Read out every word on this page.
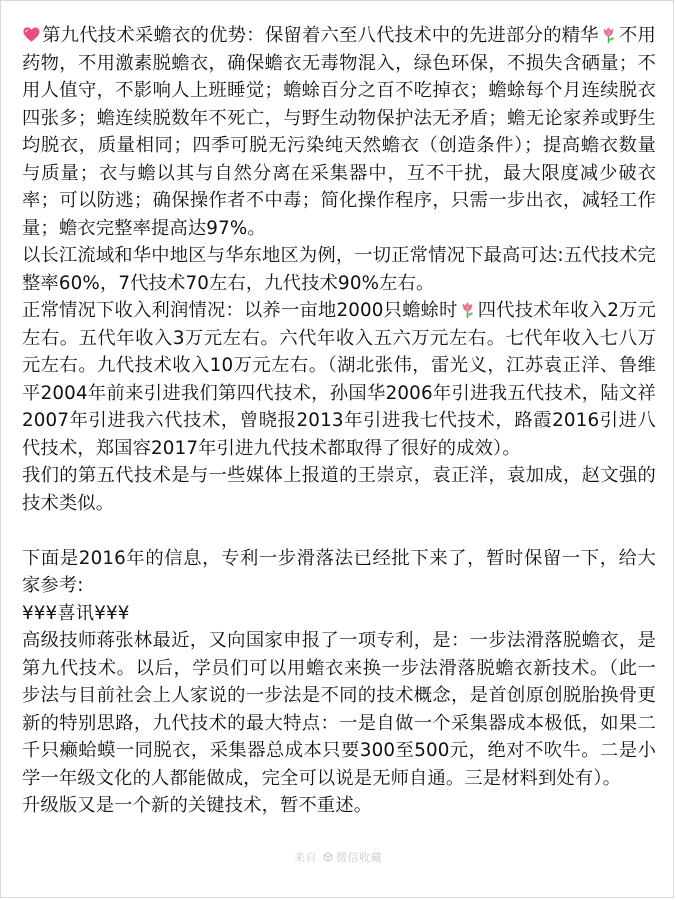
第九代技术采蟾衣的优势：保留着六至八代技术中的先进部分的精华 不用药物，不用激素脱蟾衣，确保蟾衣无毒物混入，绿色环保，不损失含硒量；不用人值守，不影响人上班睡觉；蟾蜍百分之百不吃掉衣；蟾蜍每个月连续脱衣四张多；蟾连续脱数年不死亡，与野生动物保护法无矛盾；蟾无论家养或野生均脱衣，质量相同；四季可脱无污染纯天然蟾衣（创造条件）；提高蟾衣数量与质量；衣与蟾以其与自然分离在采集器中，互不干扰，最大限度减少破衣率；可以防逃；确保操作者不中毒；简化操作程序，只需一步出衣，减轻工作量；蟾衣完整率提高达97%。

以长江流域和华中地区与华东地区为例，一切正常情况下最高可达:五代技术完整率60%，7代技术70左右，九代技术90%左右。

正常情况下收入利润情况：以养一亩地2000只蟾蜍时 四代技术年收入2万元左右。五代年收入3万元左右。六代年收入五六万元左右。七代年收入七八万元左右。九代技术收入10万元左右。（湖北张伟，雷光义，江苏袁正洋、鲁维平2004年前来引进我们第四代技术，孙国华2006年引进我五代技术，陆文祥2007年引进我六代技术，曾晓报2013年引进我七代技术，路霞2016引进八代技术，郑国容2017年引进九代技术都取得了很好的成效）。

我们的第五代技术是与一些媒体上报道的王崇京，袁正洋，袁加成，赵文强的技术类似。

下面是2016年的信息，专利一步滑落法已经批下来了，暂时保留一下，给大家参考:

¥¥¥喜讯¥¥¥

高级技师蒋张林最近，又向国家申报了一项专利，是：一步法滑落脱蟾衣，是第九代技术。以后，学员们可以用蟾衣来换一步法滑落脱蟾衣新技术。（此一步法与目前社会上人家说的一步法是不同的技术概念，是首创原创脱胎换骨更新的特别思路，九代技术的最大特点：一是自做一个采集器成本极低，如果二千只癞蛤蟆一同脱衣，采集器总成本只要300至500元，绝对不吹牛。二是小学一年级文化的人都能做成，完全可以说是无师自通。三是材料到处有）。

升级版又是一个新的关键技术，暂不重述。

来自 微信收藏
